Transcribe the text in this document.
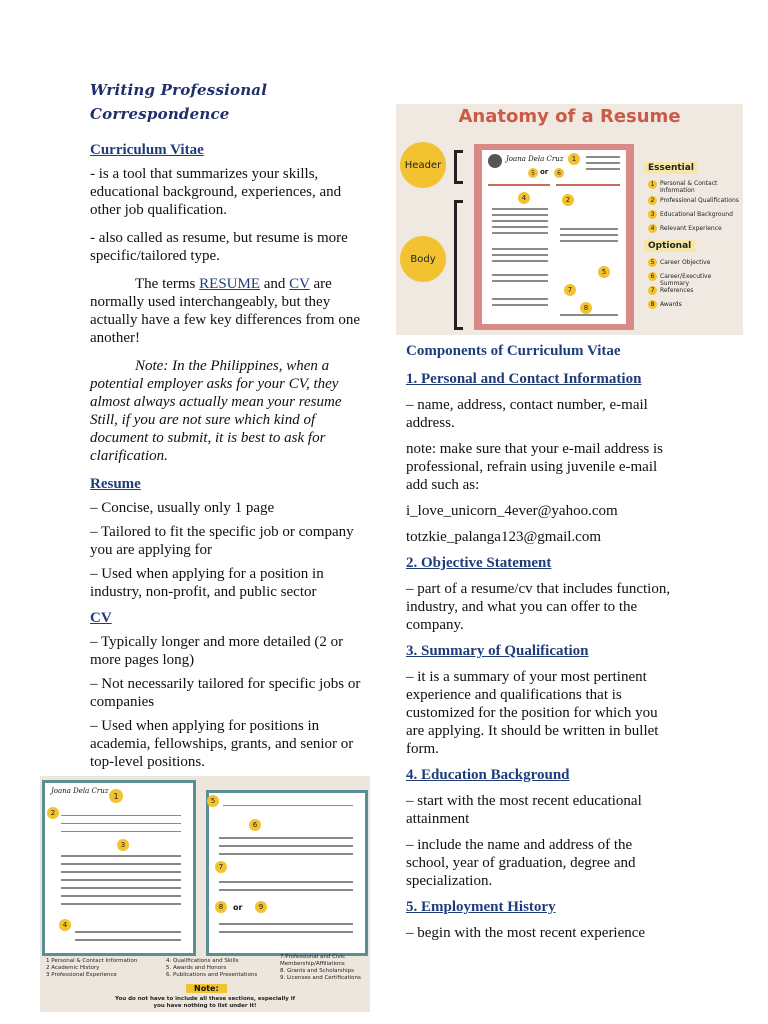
Writing Professional
Correspondence

Curriculum Vitae

- is a tool that summarizes your skills, educational background, experiences, and other job qualification.

- also called as resume, but resume is more specific/tailored type.

The terms RESUME and CV are normally used interchangeably, but they actually have a few key differences from one another!

Note: In the Philippines, when a potential employer asks for your CV, they almost always actually mean your resume Still, if you are not sure which kind of document to submit, it is best to ask for clarification.

Resume

– Concise, usually only 1 page

– Tailored to fit the specific job or company you are applying for

– Used when applying for a position in industry, non-profit, and public sector

CV

– Typically longer and more detailed (2 or more pages long)

– Not necessarily tailored for specific jobs or companies

– Used when applying for positions in academia, fellowships, grants, and senior or top-level positions.

Anatomy of a Resume
Header
Body
Joana Dela Cruz	1
5 or	6
4	2
5
7
8
Essential
1 Personal & Contact Information
2 Professional Qualifications
3 Educational Background
4 Relevant Experience
Optional
5 Career Objective
6 Career/Executive Summary
7 References
8 Awards

Components of Curriculum Vitae

1. Personal and Contact Information

– name, address, contact number, e-mail address.

note: make sure that your e-mail address is professional, refrain using juvenile e-mail add such as:

i_love_unicorn_4ever@yahoo.com

totzkie_palanga123@gmail.com

2. Objective Statement

– part of a resume/cv that includes function, industry, and what you can offer to the company.

3. Summary of Qualification

– it is a summary of your most pertinent experience and qualifications that is customized for the position for which you are applying. It should be written in bullet form.

4. Education Background

– start with the most recent educational attainment

– include the name and address of the school, year of graduation, degree and specialization.

5. Employment History

– begin with the most recent experience

Joana Dela Cruz
1
2
3
4
5
6
7
8	or	9
1 Personal & Contact Information
2 Academic History
3 Professional Experience
4. Qualifications and Skills
5. Awards and Honors
6. Publications and Presentations
7.Professional and Civic Membership/Affiliations
8. Grants and Scholarships
9. Licenses and Certifications
Note:
You do not have to include all these sections, especially if you have nothing to list under it!
